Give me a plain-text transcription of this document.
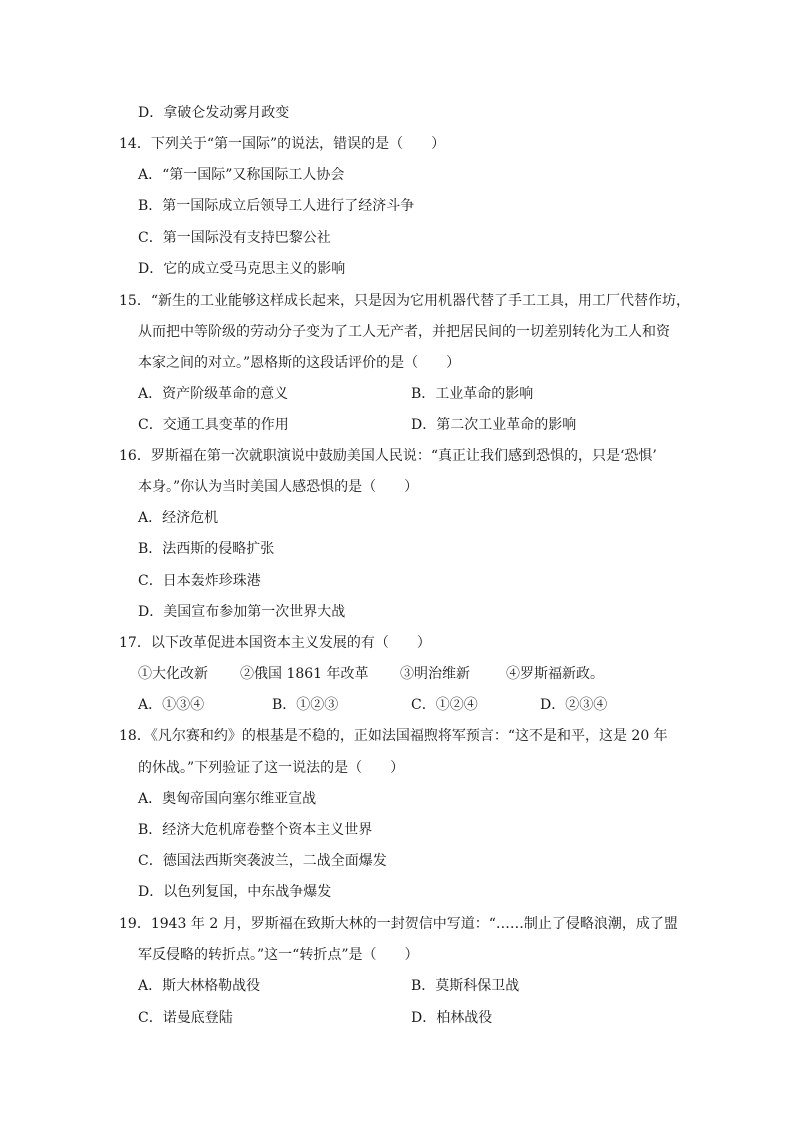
D．拿破仑发动雾月政变
14．下列关于“第一国际”的说法，错误的是（　　）
A．“第一国际”又称国际工人协会
B．第一国际成立后领导工人进行了经济斗争
C．第一国际没有支持巴黎公社
D．它的成立受马克思主义的影响
15．“新生的工业能够这样成长起来，只是因为它用机器代替了手工工具，用工厂代替作坊，
从而把中等阶级的劳动分子变为了工人无产者，并把居民间的一切差别转化为工人和资
本家之间的对立。”恩格斯的这段话评价的是（　　）
A．资产阶级革命的意义	B．工业革命的影响
C．交通工具变革的作用	D．第二次工业革命的影响
16．罗斯福在第一次就职演说中鼓励美国人民说：“真正让我们感到恐惧的，只是‘恐惧’
本身。”你认为当时美国人感恐惧的是（　　）
A．经济危机
B．法西斯的侵略扩张
C．日本轰炸珍珠港
D．美国宣布参加第一次世界大战
17．以下改革促进本国资本主义发展的有（　　）
①大化改新 ②俄国 1861 年改革 ③明治维新	④罗斯福新政。
A．①③④	B．①②③	C．①②④	D．②③④
18．《凡尔赛和约》的根基是不稳的，正如法国福煦将军预言：“这不是和平，这是 20 年
的休战。”下列验证了这一说法的是（　　）
A．奥匈帝国向塞尔维亚宣战
B．经济大危机席卷整个资本主义世界
C．德国法西斯突袭波兰，二战全面爆发
D．以色列复国，中东战争爆发
19．1943 年 2 月，罗斯福在致斯大林的一封贺信中写道：“……制止了侵略浪潮，成了盟
军反侵略的转折点。”这一“转折点”是（　　）
A．斯大林格勒战役	B．莫斯科保卫战
C．诺曼底登陆	D．柏林战役
